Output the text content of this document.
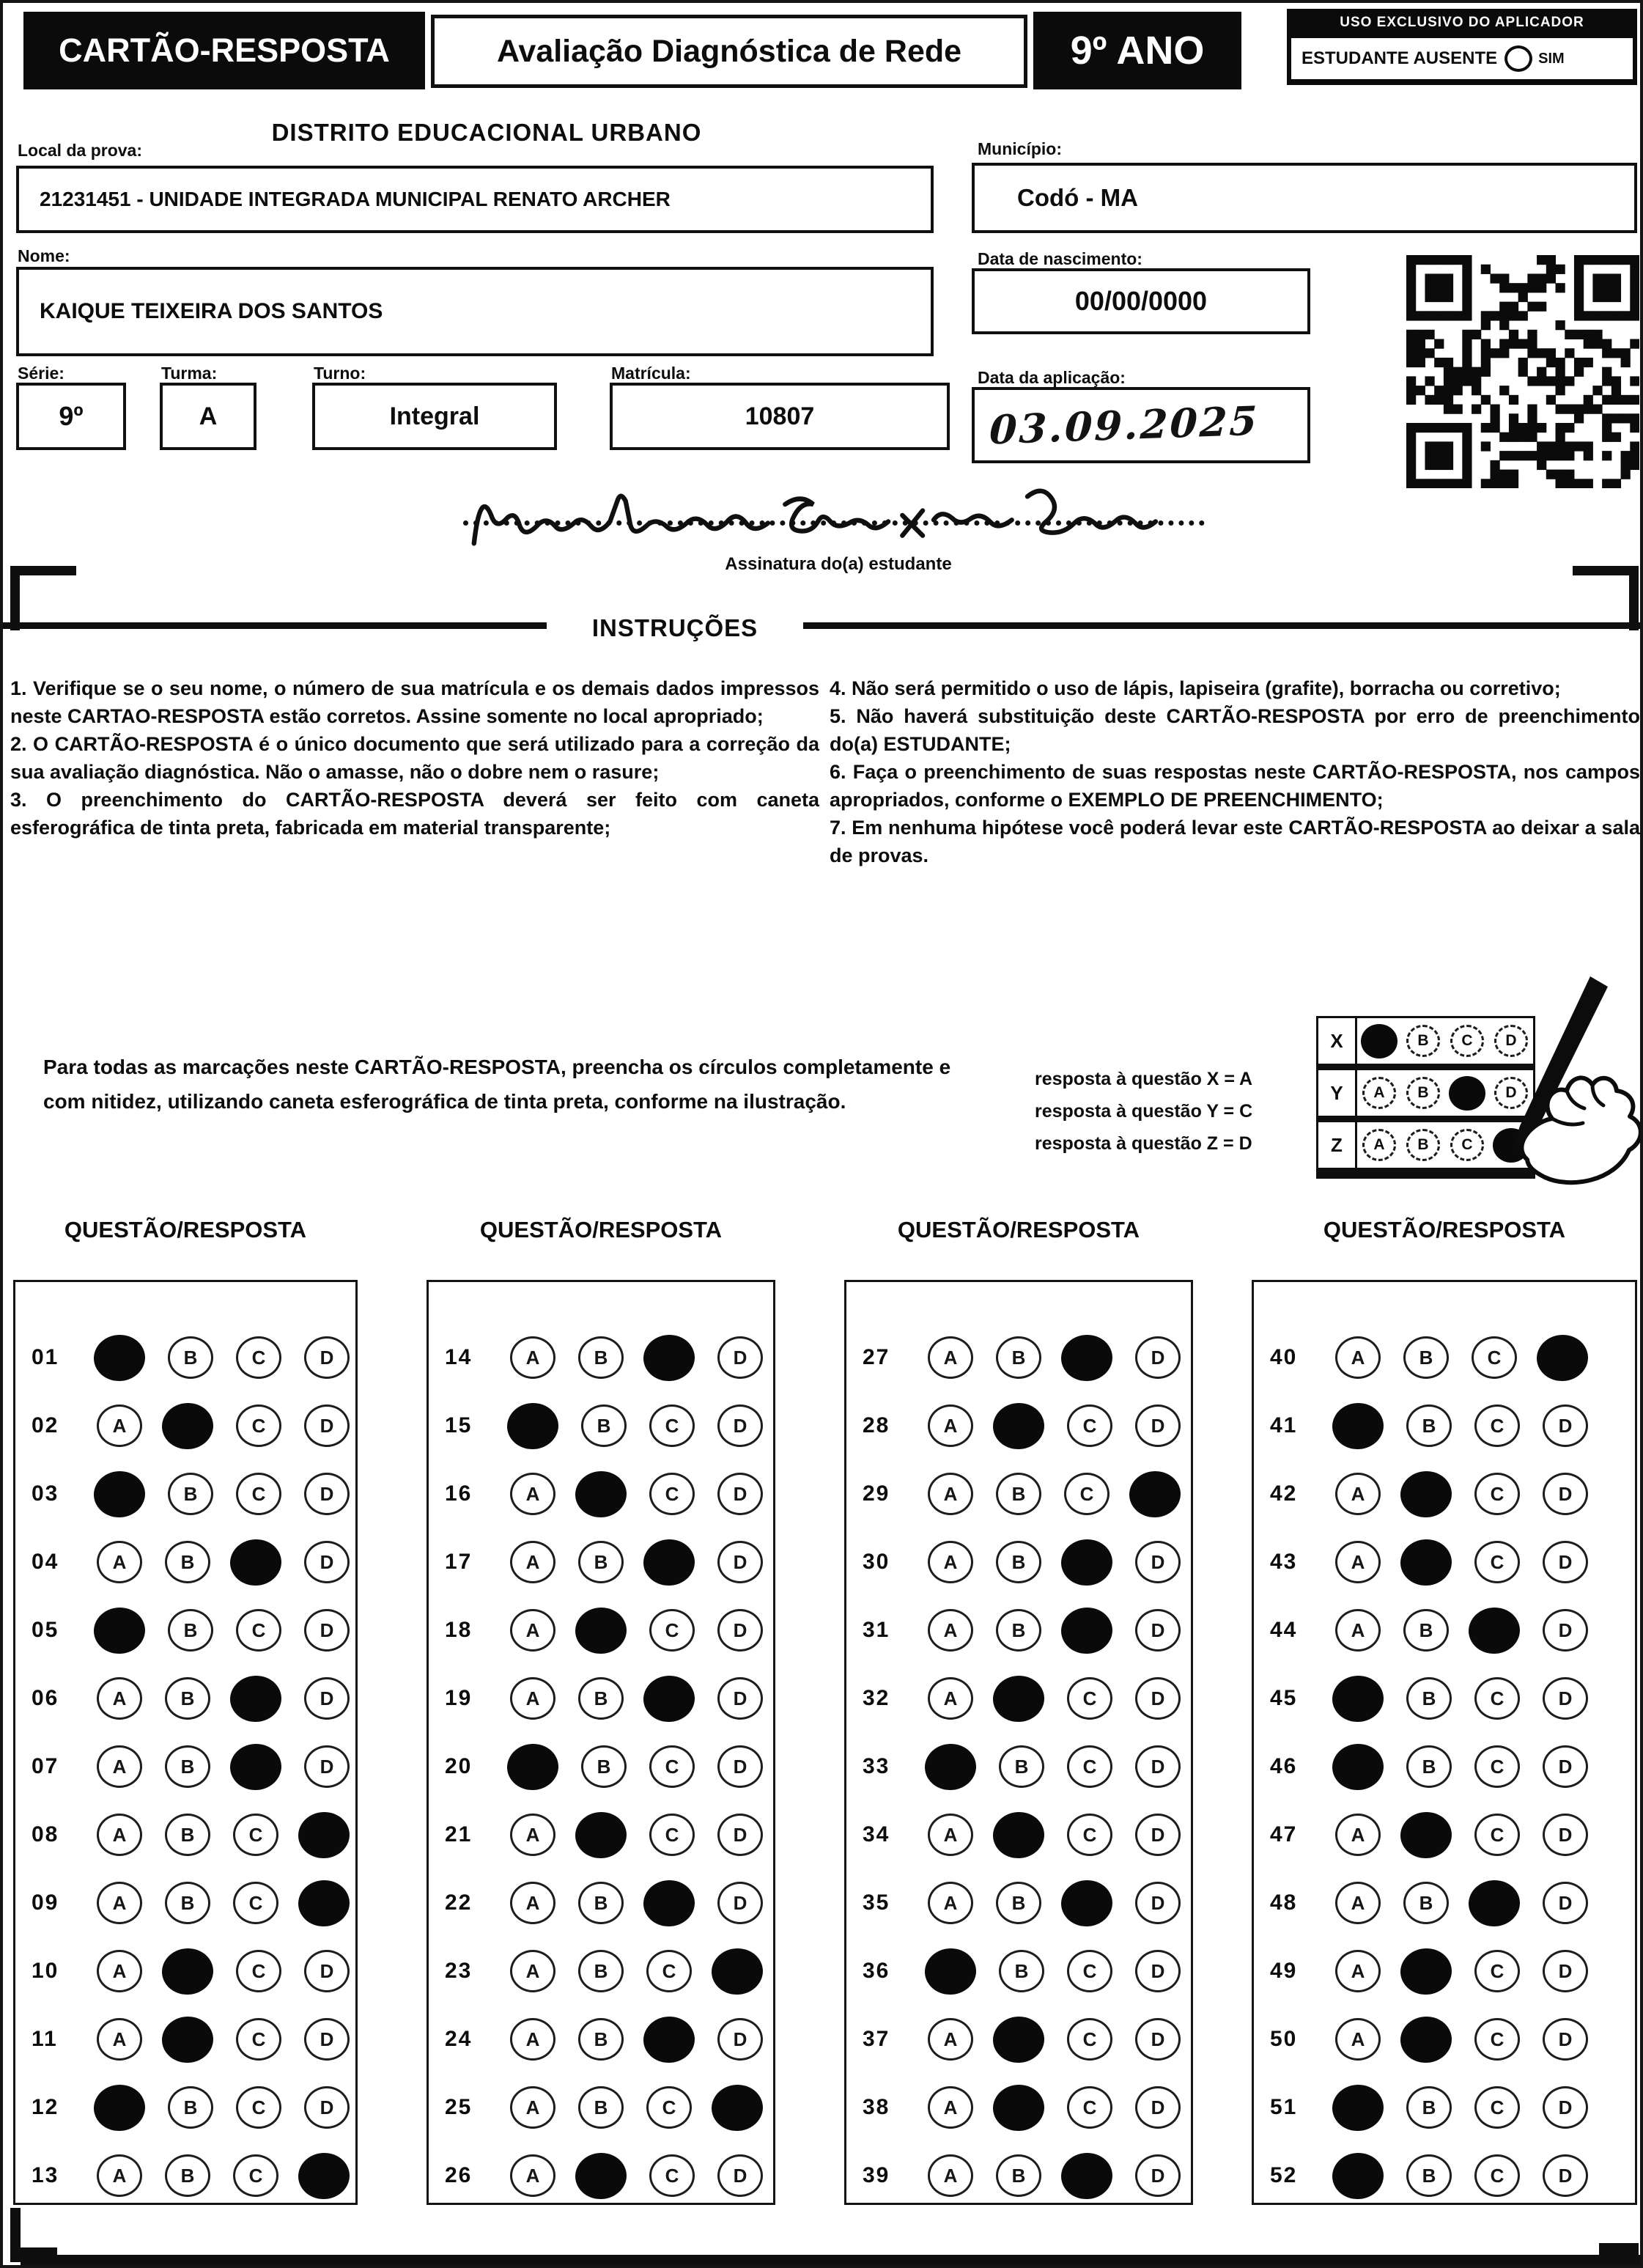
CARTÃO-RESPOSTA	Avaliação Diagnóstica de Rede	9º ANO
USO EXCLUSIVO DO APLICADOR
ESTUDANTE AUSENTE	SIM
Local da prova:
DISTRITO EDUCACIONAL URBANO
Município:
21231451 - UNIDADE INTEGRADA MUNICIPAL RENATO ARCHER	Codó - MA
Nome:
KAIQUE TEIXEIRA DOS SANTOS
Data de nascimento:
00/00/0000
Série:
9º
Turma:
A
Turno:
Integral
Matrícula:
10807
Data da aplicação:
03.09.2025
Assinatura do(a) estudante
INSTRUÇÕES

1. Verifique se o seu nome, o número de sua matrícula e os demais dados impressos neste CARTAO-RESPOSTA estão corretos. Assine somente no local apropriado;

2. O CARTÃO-RESPOSTA é o único documento que será utilizado para a correção da sua avaliação diagnóstica. Não o amasse, não o dobre nem o rasure;

3. O preenchimento do CARTÃO-RESPOSTA deverá ser feito com caneta esferográfica de tinta preta, fabricada em material transparente;

4. Não será permitido o uso de lápis, lapiseira (grafite), borracha ou corretivo;

5. Não haverá substituição deste CARTÃO-RESPOSTA por erro de preenchimento do(a) ESTUDANTE;

6. Faça o preenchimento de suas respostas neste CARTÃO-RESPOSTA, nos campos apropriados, conforme o EXEMPLO DE PREENCHIMENTO;

7. Em nenhuma hipótese você poderá levar este CARTÃO-RESPOSTA ao deixar a sala de provas.

Para todas as marcações neste CARTÃO-RESPOSTA, preencha os círculos completamente e com nitidez, utilizando caneta esferográfica de tinta preta, conforme na ilustração.
resposta à questão X = A
resposta à questão Y = C
resposta à questão Z = D
X	B	C	D
Y	A	B	D
Z	A	B	C
QUESTÃO/RESPOSTA	QUESTÃO/RESPOSTA	QUESTÃO/RESPOSTA	QUESTÃO/RESPOSTA
01	B	C	D
02	A	C	D
03	B	C	D
04	A	B	D
05	B	C	D
06	A	B	D
07	A	B	D
08	A	B	C
09	A	B	C
10	A	C	D
11	A	C	D
12	B	C	D
13	A	B	C
14	A	B	D
15	B	C	D
16	A	C	D
17	A	B	D
18	A	C	D
19	A	B	D
20	B	C	D
21	A	C	D
22	A	B	D
23	A	B	C
24	A	B	D
25	A	B	C
26	A	C	D
27	A	B	D
28	A	C	D
29	A	B	C
30	A	B	D
31	A	B	D
32	A	C	D
33	B	C	D
34	A	C	D
35	A	B	D
36	B	C	D
37	A	C	D
38	A	C	D
39	A	B	D
40	A	B	C
41	B	C	D
42	A	C	D
43	A	C	D
44	A	B	D
45	B	C	D
46	B	C	D
47	A	C	D
48	A	B	D
49	A	C	D
50	A	C	D
51	B	C	D
52	B	C	D
